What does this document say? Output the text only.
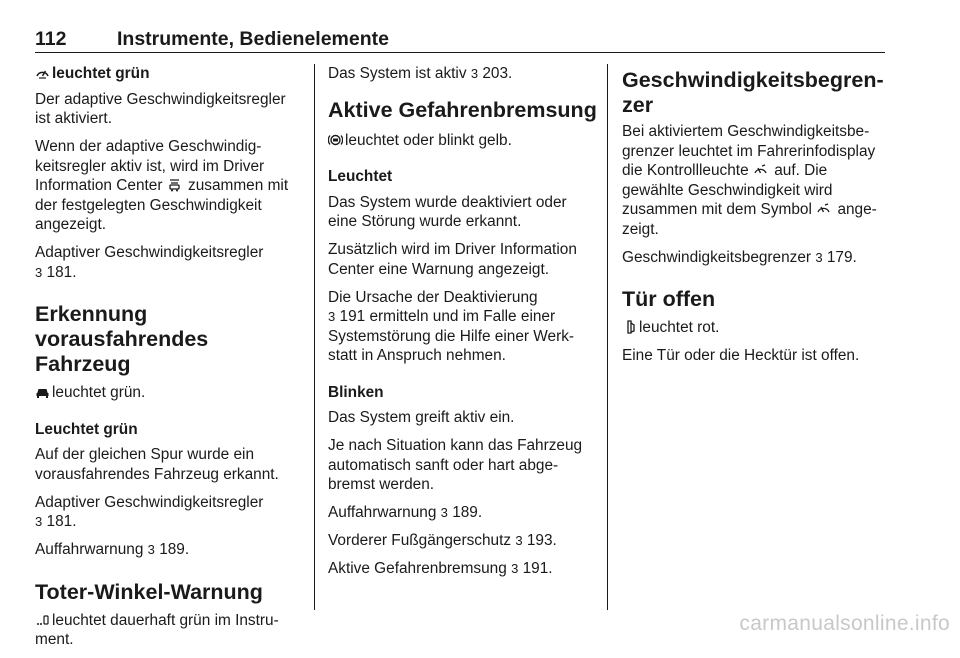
112	Instrumente, Bedienelemente
leuchtet grün

Der adaptive Geschwindigkeitsregler ist aktiviert.

Wenn der adaptive Geschwindig-keitsregler aktiv ist, wird im Driver Information Center zusammen mit der festgelegten Geschwindigkeit angezeigt.

Adaptiver Geschwindigkeitsregler
3 181.

Erkennung
vorausfahrendes Fahrzeug

leuchtet grün.

Leuchtet grün

Auf der gleichen Spur wurde ein vorausfahrendes Fahrzeug erkannt.

Adaptiver Geschwindigkeitsregler
3 181.

Auffahrwarnung 3 189.

Toter-Winkel-Warnung

leuchtet dauerhaft grün im Instru-ment.

Das System ist aktiv 3 203.

Aktive Gefahrenbremsung

leuchtet oder blinkt gelb.

Leuchtet

Das System wurde deaktiviert oder eine Störung wurde erkannt.

Zusätzlich wird im Driver Information Center eine Warnung angezeigt.

Die Ursache der Deaktivierung
3 191 ermitteln und im Falle einer Systemstörung die Hilfe einer Werk-statt in Anspruch nehmen.

Blinken

Das System greift aktiv ein.

Je nach Situation kann das Fahrzeug automatisch sanft oder hart abge-bremst werden.

Auffahrwarnung 3 189.

Vorderer Fußgängerschutz 3 193.

Aktive Gefahrenbremsung 3 191.

Geschwindigkeitsbegren-
zer

Bei aktiviertem Geschwindigkeitsbe-grenzer leuchtet im Fahrerinfodisplay die Kontrollleuchte auf. Die gewählte Geschwindigkeit wird zusammen mit dem Symbol ange-zeigt.

Geschwindigkeitsbegrenzer 3 179.

Tür offen

leuchtet rot.

Eine Tür oder die Hecktür ist offen.

carmanualsonline.info
